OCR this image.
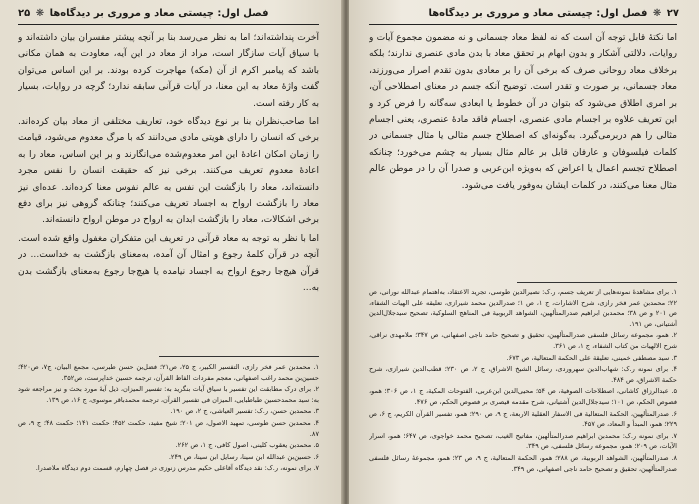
فصل اول: چیستی معاد و مروری بر دیدگاه‌ها ❋ ۲۵

آخرت پنداشته‌اند؛ اما به نظر می‌رسد بنا بر آنچه پیشتر مفسران بیان داشته‌اند و با سیاق آیات سازگار است، مراد از معاد در این آیه، معاودت به همان مکانی باشد که پیامبر اکرم از آن (مکه) مهاجرت کرده بودند. بر این اساس می‌توان گفت واژهٔ معاد به این معنا، در آیات قرآنی سابقه ندارد؛ گرچه در روایات، بسیار به کار رفته است.

اما صاحب‌نظران بنا بر نوع دیدگاه خود، تعاریف مختلفی از معاد بیان کرده‌اند. برخی که انسان را دارای هویتی مادی می‌دانند که با مرگ معدوم می‌شود، قیامت را زمان امکان اعادهٔ این امر معدوم‌شده می‌انگارند و بر این اساس، معاد را به اعادهٔ معدوم تعریف می‌کنند. برخی نیز که حقیقت انسان را نفس مجرد دانسته‌اند، معاد را بازگشت این نفس به عالم نفوس معنا کرده‌اند. عده‌ای نیز معاد را بازگشت ارواح به اجساد تعریف می‌کنند؛ چنانکه گروهی نیز برای دفع برخی اشکالات، معاد را بازگشت ابدان به ارواح در موطن ارواح دانسته‌اند.

اما با نظر به توجه به معاد قرآنی در تعریف این متفکران مغفول واقع شده است. آنچه در قرآن کلمهٔ رجوع و امثال آن آمده، به‌معنای بازگشت به خداست... در قرآن هیچ‌جا رجوع ارواح به اجساد نیامده یا هیچ‌جا رجوع به‌معنای بازگشت بدن به...

۱. محمدبن عمر فخر رازی، التفسیر الکبیر، ج ۲۵، ص۲۱؛ فضل‌بن حسن طبرسی، مجمع البیان، ج۷، ص۴۲۰؛ حسین‌بن محمد راغب اصفهانی، معجم مفردات الفاظ القرآن، ترجمه حسین خداپرست، ص۳۵۲.
۲. برای درک مطابقت این تفسیر با سیاق آیات بنگرید به: تفسیر المیزان، ذیل آیهٔ مورد بحث و نیز مراجعه شود به: سید محمدحسین طباطبایی، المیزان فی تفسیر القرآن، ترجمه محمدباقر موسوی، ج ۱۶، ص ۱۳۹.
۳. محمدبن حسن، ر.ک: تفسیر العیاشی، ج ۲، ص ۱۹۰.
۴. محمدبن حسن طوسی، تمهید الاصول، ص ۲۰۱؛ شیخ مفید، حکمت ۴۵۲؛ حکمت ۱۴۱؛ حکمت ۴۸؛ ج ۹، ص ۸۷.
۵. محمدبن یعقوب کلینی، اصول کافی، ج ۱، ص ۲۶۲.
۶. حسین‌بن عبدالله ابن سینا، رسایل ابن سینا، ص ۲۴۹.
۷. برای نمونه، ر.ک: نقد دیدگاه آقاعلی حکیم مدرس زنوزی در فصل چهارم، قسمت دوم دیدگاه ملاصدرا.
۲۷ ❋ فصل اول: چیستی معاد و مروری بر دیدگاه‌ها

اما نکتهٔ قابل توجه آن است که نه لفظ معاد جسمانی و نه مضمون مجموع آیات و روایات، دلالتی آشکار و بدون ابهام بر تحقق معاد با بدن مادی عنصری ندارند؛ بلکه برخلاف معاد روحانی صرف که برخی آن را بر معادی بدون تقدم اصرار می‌ورزند، معاد جسمانی، بر صورت و تقدر است. توضیح آنکه جسم در معنای اصطلاحی آن، بر امری اطلاق می‌شود که بتوان در آن خطوط یا ابعادی سه‌گانه را فرض کرد و این تعریف علاوه بر اجسام مادی عنصری، اجسام فاقد مادهٔ عنصری، یعنی اجسام مثالی را هم دربرمی‌گیرد. به‌گونه‌ای که اصطلاح جسم مثالی یا مثال جسمانی در کلمات فیلسوفان و عارفان قابل بر عالم مثال بسیار به چشم می‌خورد؛ چنانکه اصطلاح تجسم اعمال یا اعراض که به‌ویژه ابن‌عربی و صدرا آن را در موطن عالم مثال معنا می‌کنند، در کلمات ایشان به‌وفور یافت می‌شود.

۱. برای مشاهدهٔ نمونه‌هایی از تعریف جسم، ر.ک: نصیرالدین طوسی، تجرید الاعتقاد، به‌اهتمام عبدالله نورانی، ص ۲۲؛ محمدبن عمر فخر رازی، شرح الاشارات، ج ۱، ص ۱؛ صدرالدین محمد شیرازی، تعلیقه علی الهیات الشفاء، ص ۲۰۱ و ص ۳۸؛ محمدبن ابراهیم صدرالمتألهین، الشواهد الربوبیة فی المناهج السلوکیة، تصحیح سیدجلال‌الدین آشتیانی، ص ۱۹۱.
۲. همو، مجموعه رسائل فلسفی صدرالمتألهین، تحقیق و تصحیح حامد ناجی اصفهانی، ص ۳۴۷؛ ملامهدی نراقی، شرح الالهیات من کتاب الشفاء، ج ۱، ص ۳۶۱.
۳. سید مصطفی خمینی، تعلیقة علی الحکمة المتعالیة، ص ۶۷۳.
۴. برای نمونه ر.ک: شهاب‌الدین سهروردی، رسائل الشیخ الاشراق، ج ۲، ص ۲۳۰؛ قطب‌الدین شیرازی، شرح حکمة الاشراق، ص ۴۸۴.
۵. عبدالرزاق کاشانی، اصطلاحات الصوفیة، ص ۵۴؛ محیی‌الدین ابن‌عربی، الفتوحات المکیة، ج ۱، ص ۳۰۶؛ همو، فصوص الحکم، ص ۱۰۱؛ سیدجلال‌الدین آشتیانی، شرح مقدمه قیصری بر فصوص الحکم، ص ۴۷۶.
۶. صدرالمتألهین، الحکمة المتعالیة فی الاسفار العقلیة الاربعة، ج ۹، ص ۲۹۰؛ همو، تفسیر القرآن الکریم، ج ۶، ص ۲۲۹؛ همو، المبدأ و المعاد، ص ۴۵۷.
۷. برای نمونه ر.ک: محمدبن ابراهیم صدرالمتألهین، مفاتیح الغیب، تصحیح محمد خواجوی، ص ۶۴۷؛ همو، اسرار الآیات، ص ۲۰۹؛ همو، مجموعه رسائل فلسفی، ص ۳۴۹.
۸. صدرالمتألهین، الشواهد الربوبیة، ص ۲۸۸؛ همو، الحکمة المتعالیة، ج ۹، ص ۲۳؛ همو، مجموعهٔ رسائل فلسفی صدرالمتألهین، تحقیق و تصحیح حامد ناجی اصفهانی، ص ۳۴۹.
